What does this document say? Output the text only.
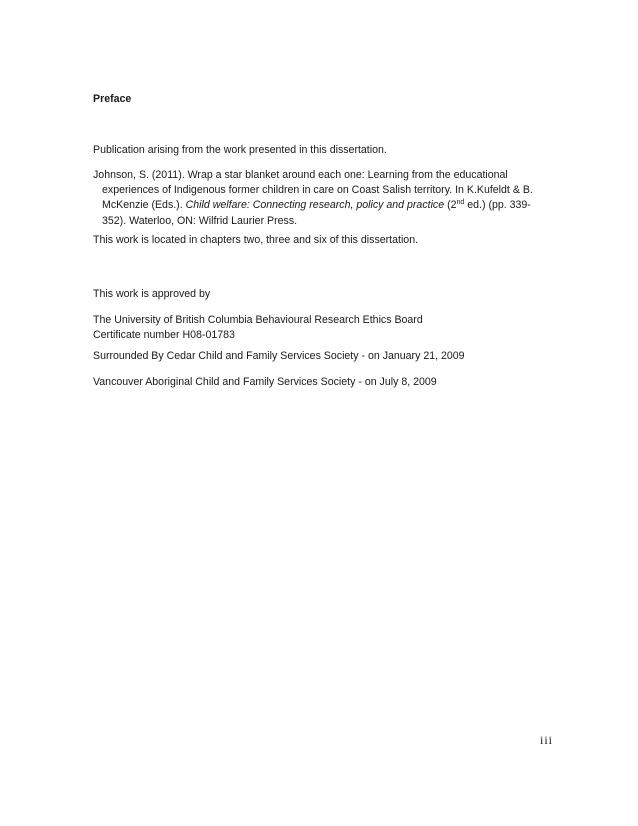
Preface
Publication arising from the work presented in this dissertation.
Johnson, S. (2011). Wrap a star blanket around each one: Learning from the educational experiences of Indigenous former children in care on Coast Salish territory. In K.Kufeldt & B. McKenzie (Eds.). Child welfare: Connecting research, policy and practice (2nd ed.) (pp. 339-352). Waterloo, ON: Wilfrid Laurier Press.
This work is located in chapters two, three and six of this dissertation.
This work is approved by
The University of British Columbia Behavioural Research Ethics Board
Certificate number H08-01783
Surrounded By Cedar Child and Family Services Society - on January 21, 2009
Vancouver Aboriginal Child and Family Services Society - on July 8, 2009
iii
